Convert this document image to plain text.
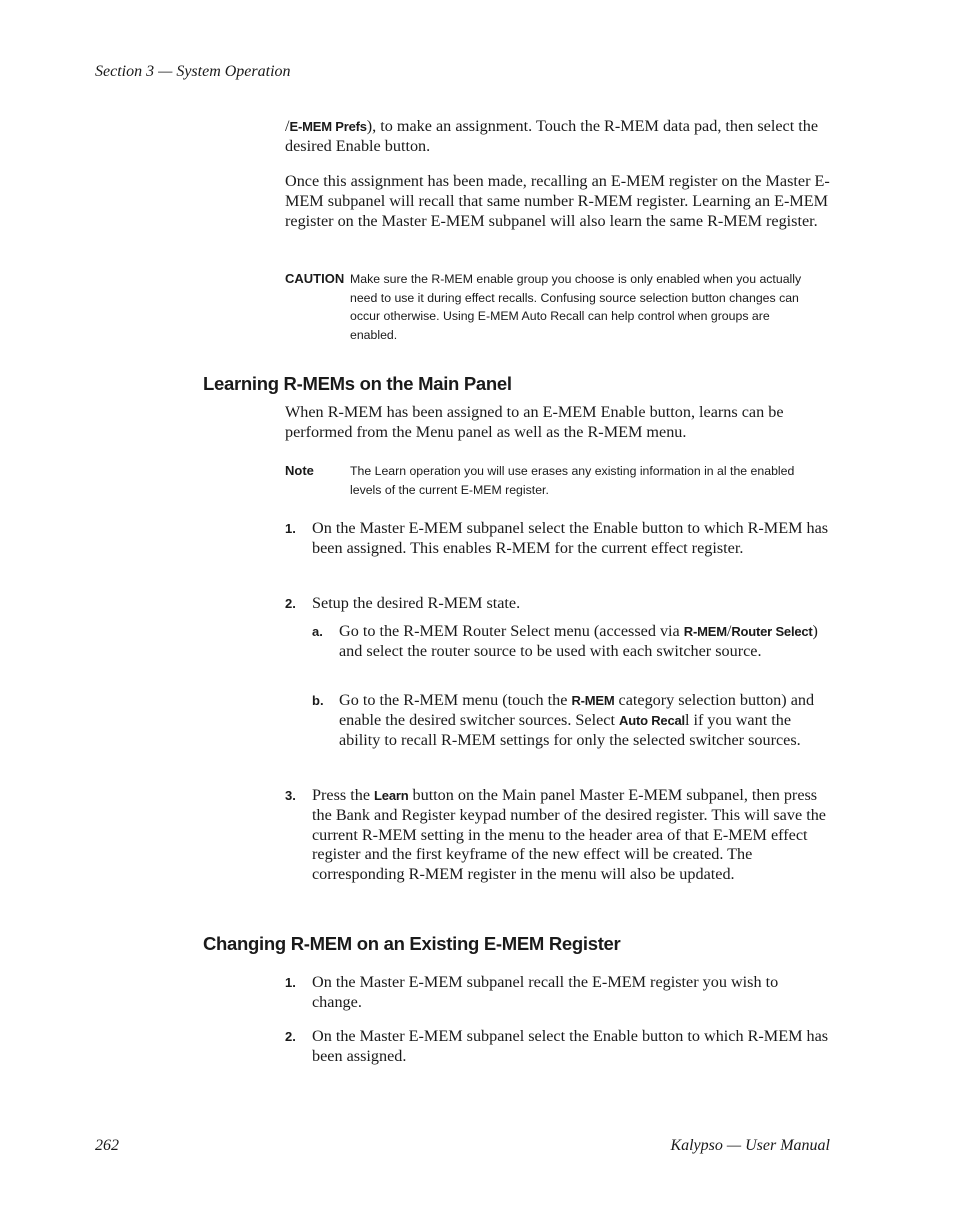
Section 3 — System Operation

/E-MEM Prefs), to make an assignment. Touch the R-MEM data pad, then select the desired Enable button.

Once this assignment has been made, recalling an E-MEM register on the Master E-MEM subpanel will recall that same number R-MEM register. Learning an E-MEM register on the Master E-MEM subpanel will also learn the same R-MEM register.

CAUTION Make sure the R-MEM enable group you choose is only enabled when you actually need to use it during effect recalls. Confusing source selection button changes can occur otherwise. Using E-MEM Auto Recall can help control when groups are enabled.
Learning R-MEMs on the Main Panel

When R-MEM has been assigned to an E-MEM Enable button, learns can be performed from the Menu panel as well as the R-MEM menu.

Note	The Learn operation you will use erases any existing information in al the enabled levels of the current E-MEM register.
1. On the Master E-MEM subpanel select the Enable button to which R-MEM has been assigned. This enables R-MEM for the current effect register.
2. Setup the desired R-MEM state.
a. Go to the R-MEM Router Select menu (accessed via R-MEM/Router Select) and select the router source to be used with each switcher source.
b. Go to the R-MEM menu (touch the R-MEM category selection button) and enable the desired switcher sources. Select Auto Recall if you want the ability to recall R-MEM settings for only the selected switcher sources.
3. Press the Learn button on the Main panel Master E-MEM subpanel, then press the Bank and Register keypad number of the desired register. This will save the current R-MEM setting in the menu to the header area of that E-MEM effect register and the first keyframe of the new effect will be created. The corresponding R-MEM register in the menu will also be updated.
Changing R-MEM on an Existing E-MEM Register
1. On the Master E-MEM subpanel recall the E-MEM register you wish to change.
2. On the Master E-MEM subpanel select the Enable button to which R-MEM has been assigned.
262	Kalypso — User Manual
